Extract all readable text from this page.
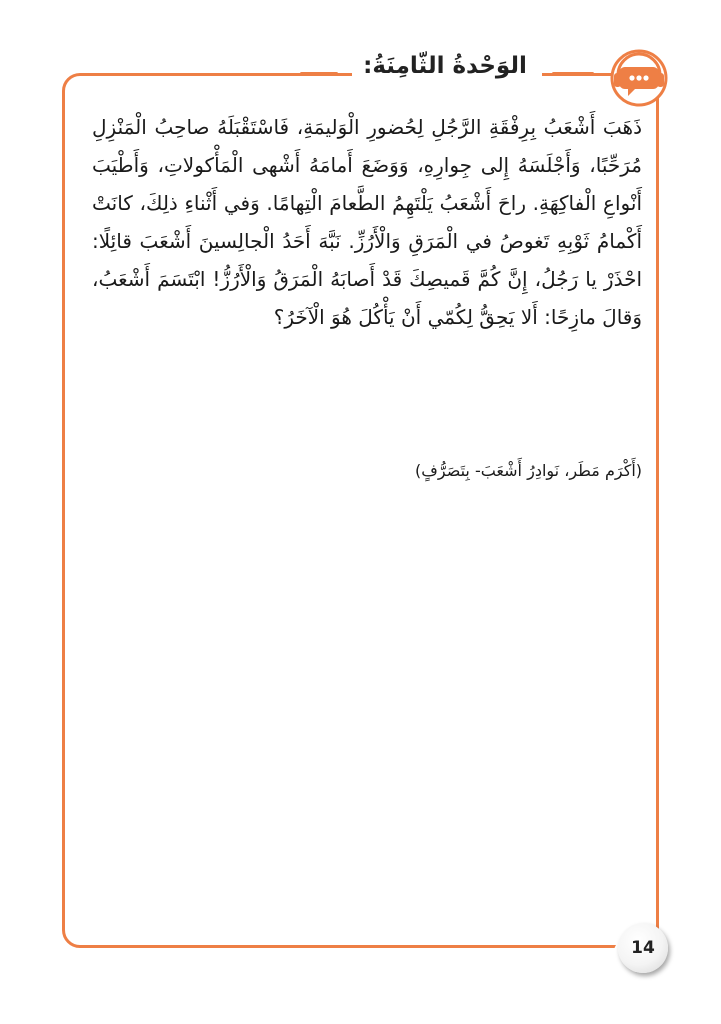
الوَحْدةُ الثّامِنَةُ:
ذَهَبَ أَشْعَبُ بِرِفْقَةِ الرَّجُلِ لِحُضورِ الْوَليمَةِ، فَاسْتَقْبَلَهُ صاحِبُ الْمَنْزِلِ مُرَحِّبًا، وَأَجْلَسَهُ إِلى جِوارِهِ، وَوَضَعَ أَمامَهُ أَشْهى الْمَأْكولاتِ، وَأَطْيَبَ أَنْواعِ الْفاكِهَةِ. راحَ أَشْعَبُ يَلْتَهِمُ الطَّعامَ الْتِهامًا. وَفي أَثْناءِ ذلِكَ، كانَتْ أَكْمامُ ثَوْبِهِ تَغوصُ في الْمَرَقِ وَالْأَرُزِّ. نَبَّهَ أَحَدُ الْجالِسينَ أَشْعَبَ قائِلًا: احْذَرْ يا رَجُلُ، إِنَّ كُمَّ قَميصِكَ قَدْ أَصابَهُ الْمَرَقُ وَالْأَرُزُّ! ابْتَسَمَ أَشْعَبُ، وَقالَ مازِحًا: أَلا يَحِقُّ لِكُمّي أَنْ يَأْكُلَ هُوَ الْآخَرُ؟
(أَكْرَم مَطَر، نَوادِرُ أَشْعَبَ- بِتَصَرُّفٍ)
14
